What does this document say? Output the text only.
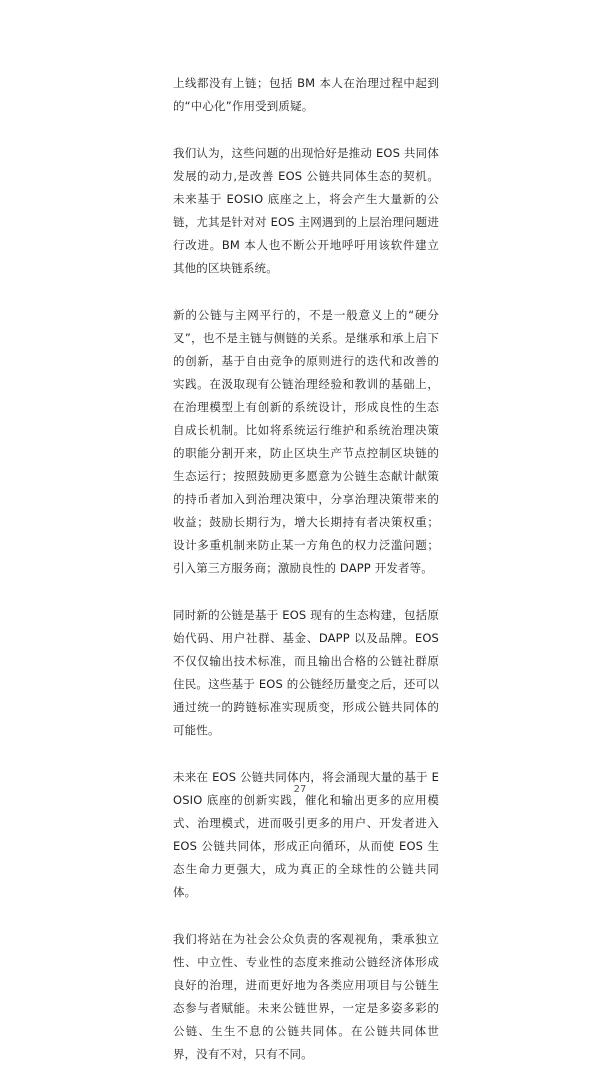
上线都没有上链；包括 BM 本人在治理过程中起到的“中心化”作用受到质疑。

我们认为，这些问题的出现恰好是推动 EOS 共同体发展的动力,是改善 EOS 公链共同体生态的契机。未来基于 EOSIO 底座之上，将会产生大量新的公链，尤其是针对对 EOS 主网遇到的上层治理问题进行改进。BM 本人也不断公开地呼吁用该软件建立其他的区块链系统。

新的公链与主网平行的，不是一般意义上的“硬分叉”，也不是主链与侧链的关系。是继承和承上启下的创新，基于自由竞争的原则进行的迭代和改善的实践。在汲取现有公链治理经验和教训的基础上，在治理模型上有创新的系统设计，形成良性的生态自成长机制。比如将系统运行维护和系统治理决策的职能分割开来，防止区块生产节点控制区块链的生态运行；按照鼓励更多愿意为公链生态献计献策的持币者加入到治理决策中，分享治理决策带来的收益；鼓励长期行为，增大长期持有者决策权重；设计多重机制来防止某一方角色的权力泛滥问题；引入第三方服务商；激励良性的 DAPP 开发者等。

同时新的公链是基于 EOS 现有的生态构建，包括原始代码、用户社群、基金、DAPP 以及品牌。EOS 不仅仅输出技术标准，而且输出合格的公链社群原住民。这些基于 EOS 的公链经历量变之后，还可以通过统一的跨链标准实现质变，形成公链共同体的可能性。

未来在 EOS 公链共同体内，将会涌现大量的基于 EOSIO 底座的创新实践，催化和输出更多的应用模式、治理模式，进而吸引更多的用户、开发者进入 EOS 公链共同体，形成正向循环，从而使 EOS 生态生命力更强大，成为真正的全球性的公链共同体。

我们将站在为社会公众负责的客观视角，秉承独立性、中立性、专业性的态度来推动公链经济体形成良好的治理，进而更好地为各类应用项目与公链生态参与者赋能。未来公链世界，一定是多姿多彩的公链、生生不息的公链共同体。在公链共同体世界，没有不对，只有不同。

27
